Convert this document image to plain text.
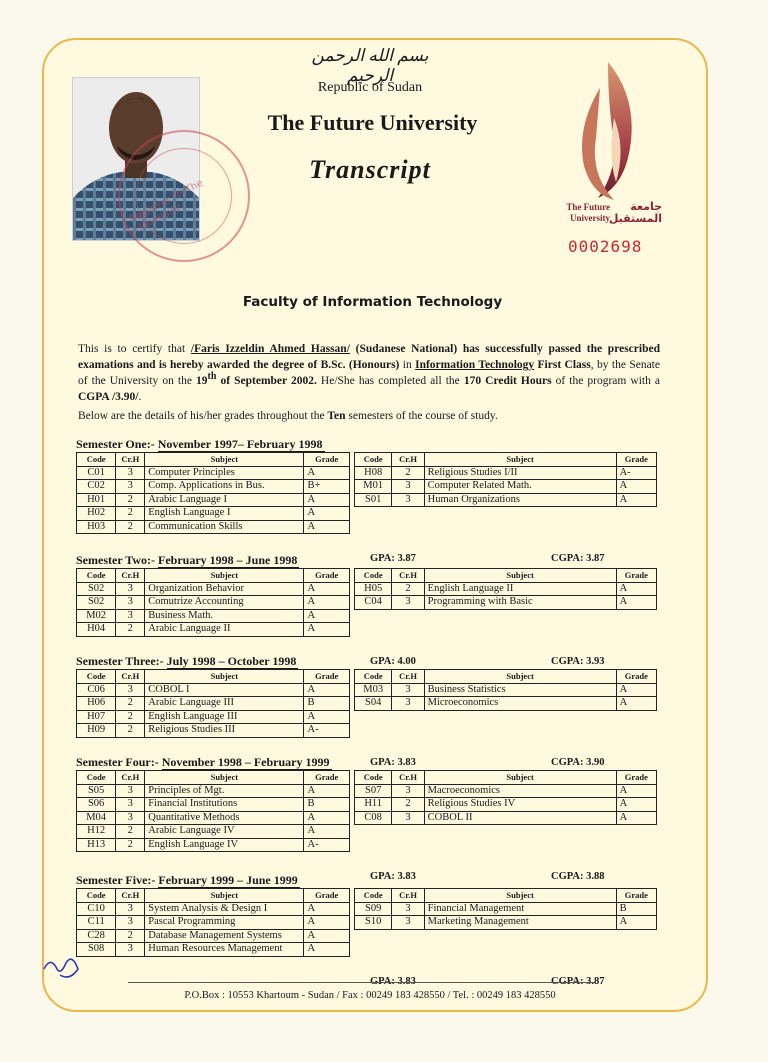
Registrar Of The University
بسم الله الرحمن الرحيم
Republic of Sudan
The Future University
Transcript
The Future University
جامعة المستقبل
0002698
Faculty of Information Technology
This is to certify that /Faris Izzeldin Ahmed Hassan/ (Sudanese National) has successfully passed the prescribed examations and is hereby awarded the degree of B.Sc. (Honours) in Information Technology First Class, by the Senate of the University on the 19th of September 2002. He/She has completed all the 170 Credit Hours of the program with a CGPA /3.90/.
Below are the details of his/her grades throughout the Ten semesters of the course of study.
Semester One:- November 1997– February 1998
Code	Cr.H	Subject	Grade
C01	3	Computer Principles	A
C02	3	Comp. Applications in Bus.	B+
H01	2	Arabic Language I	A
H02	2	English Language I	A
H03	2	Communication Skills	A
Code	Cr.H	Subject	Grade
H08	2	Religious Studies I/II	A-
M01	3	Computer Related Math.	A
S01	3	Human Organizations	A
GPA: 3.87	CGPA: 3.87
Semester Two:- February 1998 – June 1998
Code	Cr.H	Subject	Grade
S02	3	Organization Behavior	A
S02	3	Comutrize Accounting	A
M02	3	Business Math.	A
H04	2	Arabic Language II	A
Code	Cr.H	Subject	Grade
H05	2	English Language II	A
C04	3	Programming with Basic	A
GPA: 4.00	CGPA: 3.93
Semester Three:- July 1998 – October 1998
Code	Cr.H	Subject	Grade
C06	3	COBOL I	A
H06	2	Arabic Language III	B
H07	2	English Language III	A
H09	2	Religious Studies III	A-
Code	Cr.H	Subject	Grade
M03	3	Business Statistics	A
S04	3	Microeconomics	A
GPA: 3.83	CGPA: 3.90
Semester Four:- November 1998 – February 1999
Code	Cr.H	Subject	Grade
S05	3	Principles of Mgt.	A
S06	3	Financial Institutions	B
M04	3	Quantitative Methods	A
H12	2	Arabic Language IV	A
H13	2	English Language IV	A-
Code	Cr.H	Subject	Grade
S07	3	Macroeconomics	A
H11	2	Religious Studies IV	A
C08	3	COBOL II	A
GPA: 3.83	CGPA: 3.88
Semester Five:- February 1999 – June 1999
Code	Cr.H	Subject	Grade
C10	3	System Analysis & Design I	A
C11	3	Pascal Programming	A
C28	2	Database Management Systems	A
S08	3	Human Resources Management	A
Code	Cr.H	Subject	Grade
S09	3	Financial Management	B
S10	3	Marketing Management	A
GPA: 3.83	CGPA: 3.87
P.O.Box : 10553 Khartoum - Sudan / Fax : 00249 183 428550 / Tel. : 00249 183 428550
